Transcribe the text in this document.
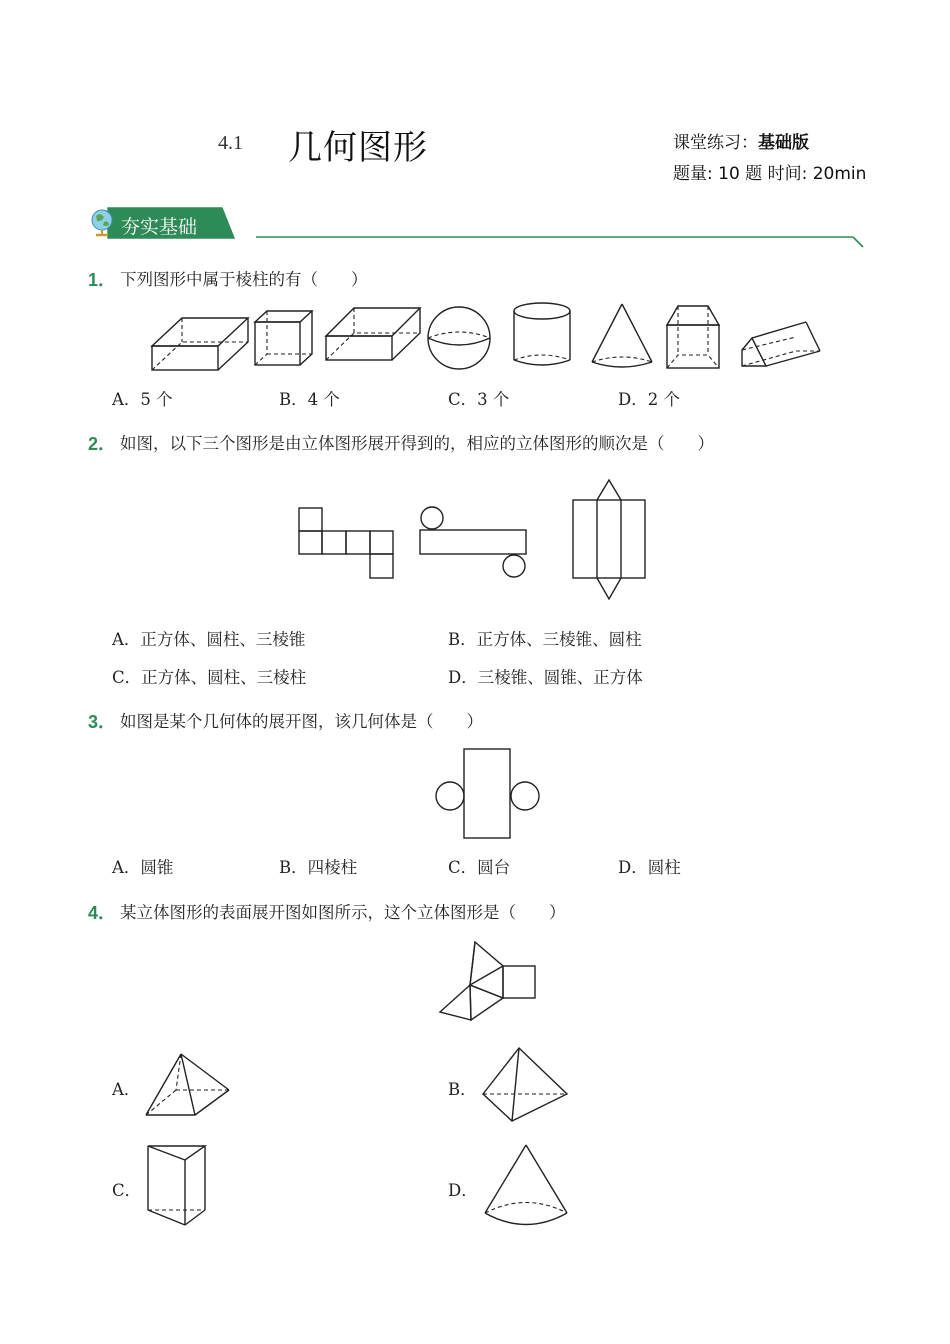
4.1 几何图形	课堂练习：基础版
题量: 10 题 时间: 20min
夯实基础
1． 下列图形中属于棱柱的有（　　）
A．5 个	B．4 个	C．3 个	D．2 个
2． 如图，以下三个图形是由立体图形展开得到的，相应的立体图形的顺次是（　　）
A．正方体、圆柱、三棱锥	B．正方体、三棱锥、圆柱
C．正方体、圆柱、三棱柱	D．三棱锥、圆锥、正方体
3． 如图是某个几何体的展开图，该几何体是（　　）
A．圆锥	B．四棱柱	C．圆台	D．圆柱
4． 某立体图形的表面展开图如图所示，这个立体图形是（　　）
A．	B．
C．	D．
